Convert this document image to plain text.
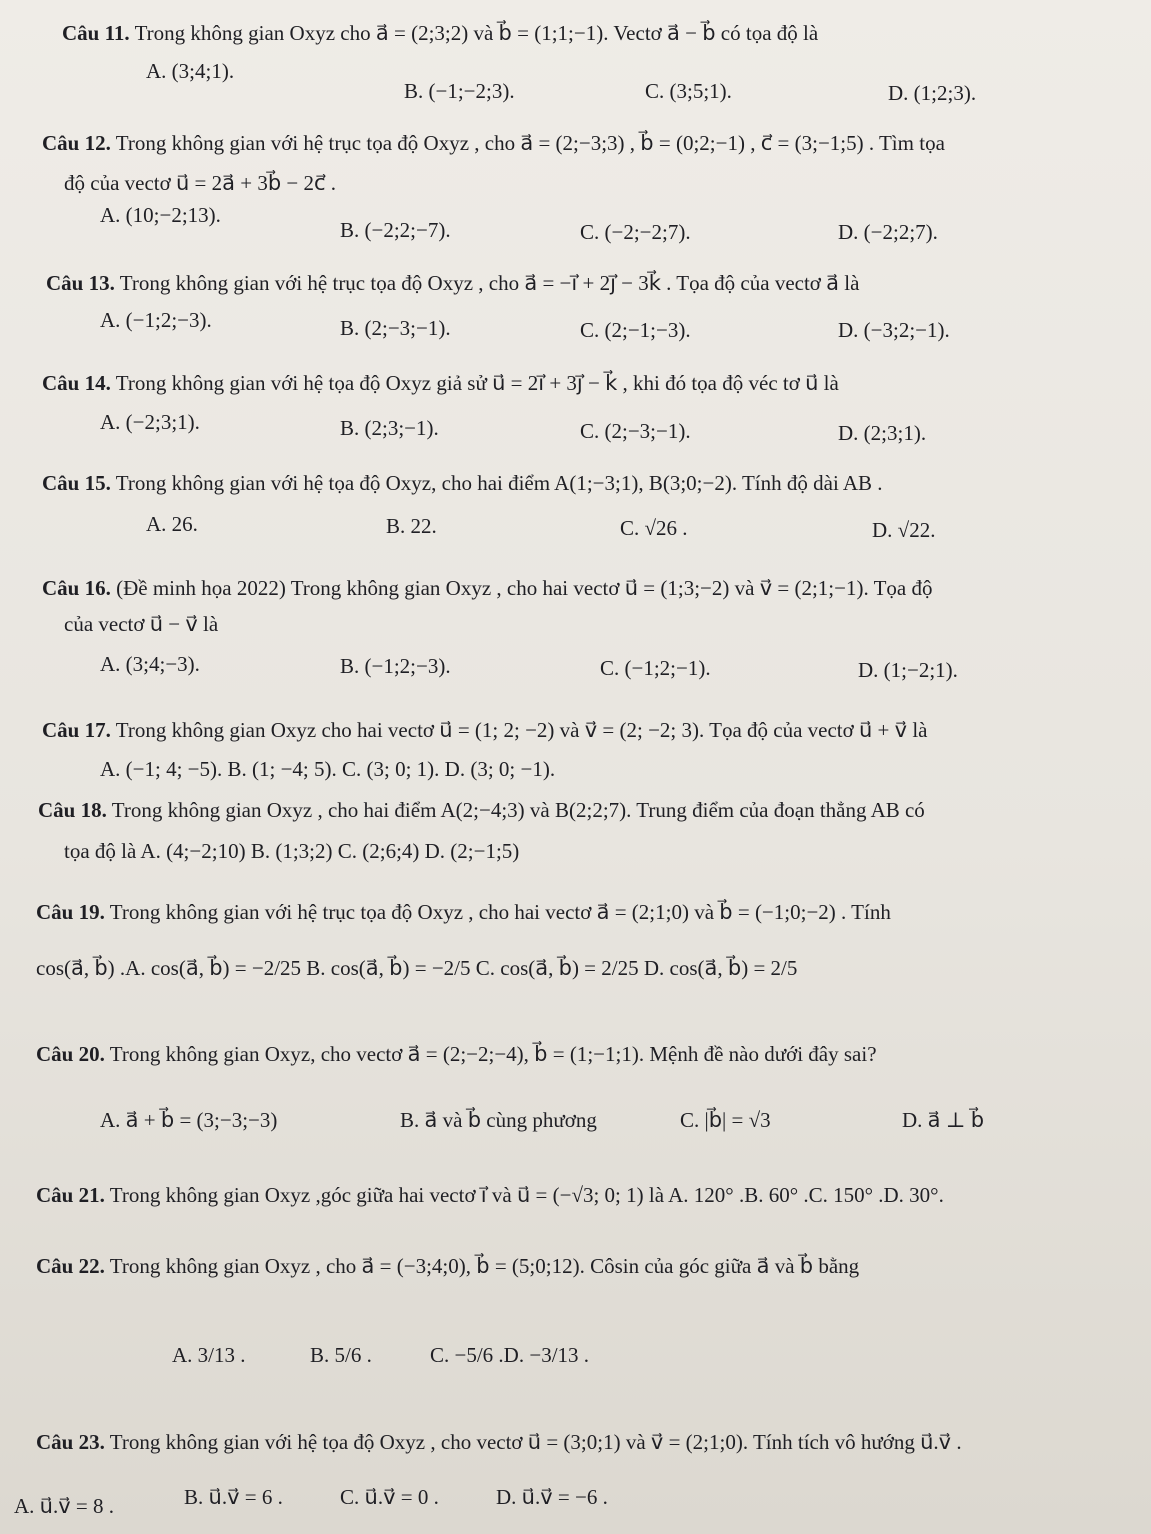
Câu 11. Trong không gian Oxyz cho a⃗ = (2;3;2) và b⃗ = (1;1;−1). Vectơ a⃗ − b⃗ có tọa độ là
A. (3;4;1).
B. (−1;−2;3).	C. (3;5;1).	D. (1;2;3).
Câu 12. Trong không gian với hệ trục tọa độ Oxyz , cho a⃗ = (2;−3;3) , b⃗ = (0;2;−1) , c⃗ = (3;−1;5) . Tìm tọa
độ của vectơ u⃗ = 2a⃗ + 3b⃗ − 2c⃗ .
A. (10;−2;13).
B. (−2;2;−7).	C. (−2;−2;7).	D. (−2;2;7).
Câu 13. Trong không gian với hệ trục tọa độ Oxyz , cho a⃗ = −i⃗ + 2j⃗ − 3k⃗ . Tọa độ của vectơ a⃗ là
A. (−1;2;−3).	B. (2;−3;−1).	C. (2;−1;−3).	D. (−3;2;−1).
Câu 14. Trong không gian với hệ tọa độ Oxyz giả sử u⃗ = 2i⃗ + 3j⃗ − k⃗ , khi đó tọa độ véc tơ u⃗ là
A. (−2;3;1).	B. (2;3;−1).	C. (2;−3;−1).	D. (2;3;1).
Câu 15. Trong không gian với hệ tọa độ Oxyz, cho hai điểm A(1;−3;1), B(3;0;−2). Tính độ dài AB .
A. 26.	B. 22.	C. √26 .	D. √22.
Câu 16. (Đề minh họa 2022) Trong không gian Oxyz , cho hai vectơ u⃗ = (1;3;−2) và v⃗ = (2;1;−1). Tọa độ
của vectơ u⃗ − v⃗ là
A. (3;4;−3).	B. (−1;2;−3).	C. (−1;2;−1).	D. (1;−2;1).
Câu 17. Trong không gian Oxyz cho hai vectơ u⃗ = (1; 2; −2) và v⃗ = (2; −2; 3). Tọa độ của vectơ u⃗ + v⃗ là
A. (−1; 4; −5). B. (1; −4; 5). C. (3; 0; 1). D. (3; 0; −1).
Câu 18. Trong không gian Oxyz , cho hai điểm A(2;−4;3) và B(2;2;7). Trung điểm của đoạn thẳng AB có
tọa độ là A. (4;−2;10) B. (1;3;2) C. (2;6;4) D. (2;−1;5)
Câu 19. Trong không gian với hệ trục tọa độ Oxyz , cho hai vectơ a⃗ = (2;1;0) và b⃗ = (−1;0;−2) . Tính
cos(a⃗, b⃗) .A. cos(a⃗, b⃗) = −2/25 B. cos(a⃗, b⃗) = −2/5 C. cos(a⃗, b⃗) = 2/25 D. cos(a⃗, b⃗) = 2/5
Câu 20. Trong không gian Oxyz, cho vectơ a⃗ = (2;−2;−4), b⃗ = (1;−1;1). Mệnh đề nào dưới đây sai?
A. a⃗ + b⃗ = (3;−3;−3)	B. a⃗ và b⃗ cùng phương	C. |b⃗| = √3	D. a⃗ ⊥ b⃗
Câu 21. Trong không gian Oxyz ,góc giữa hai vectơ i⃗ và u⃗ = (−√3; 0; 1) là A. 120° .B. 60° .C. 150° .D. 30°.
Câu 22. Trong không gian Oxyz , cho a⃗ = (−3;4;0), b⃗ = (5;0;12). Côsin của góc giữa a⃗ và b⃗ bằng
A. 3/13 .	B. 5/6 .	C. −5/6 .D. −3/13 .
Câu 23. Trong không gian với hệ tọa độ Oxyz , cho vectơ u⃗ = (3;0;1) và v⃗ = (2;1;0). Tính tích vô hướng u⃗.v⃗ .
A. u⃗.v⃗ = 8 .	B. u⃗.v⃗ = 6 .	C. u⃗.v⃗ = 0 .	D. u⃗.v⃗ = −6 .
